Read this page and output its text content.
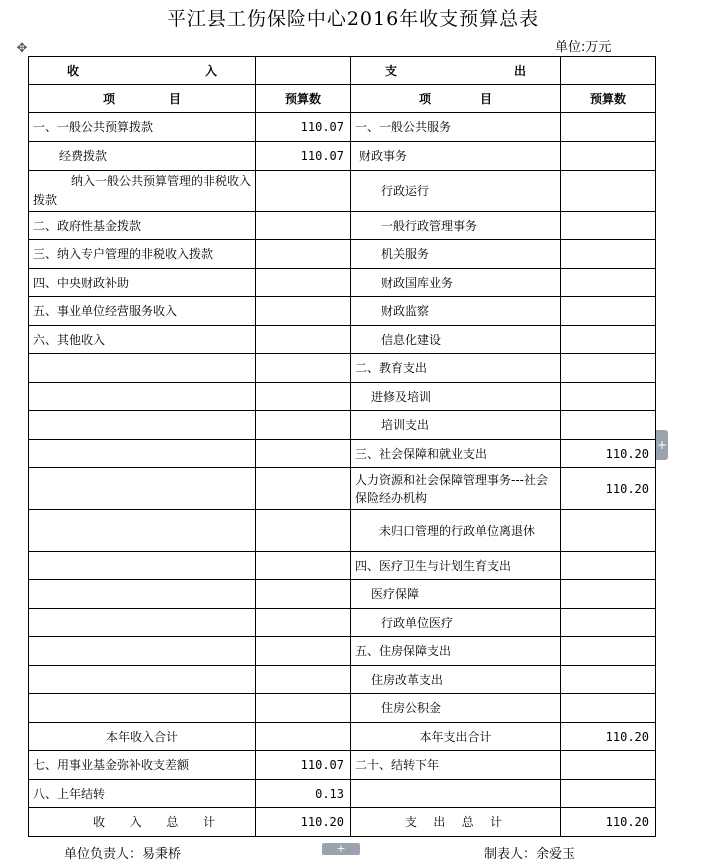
平江县工伤保险中心2016年收支预算总表
✥	单位:万元
收 入		支 出	

项 目	预算数	项 目	预算数
一、一般公共预算拨款	110.07	一、一般公共服务	
经费拨款	110.07	财政事务	
纳入一般公共预算管理的非税收入拨款		行政运行	
二、政府性基金拨款		一般行政管理事务	
三、纳入专户管理的非税收入拨款		机关服务	
四、中央财政补助		财政国库业务	
五、事业单位经营服务收入		财政监察	
六、其他收入		信息化建设	
		二、教育支出	
		进修及培训	
		培训支出	
		三、社会保障和就业支出	110.20
		人力资源和社会保障管理事务---社会保险经办机构	110.20
		未归口管理的行政单位离退休	
		四、医疗卫生与计划生育支出	
		医疗保障	
		行政单位医疗	
		五、住房保障支出	
		住房改革支出	
		住房公积金	
本年收入合计		本年支出合计	110.20
七、用事业基金弥补收支差额	110.07	二十、结转下年	
八、上年结转	0.13		

收 入 总 计	110.20	支 出 总 计	110.20
+
+
单位负责人：易秉桥	制表人：余爱玉
